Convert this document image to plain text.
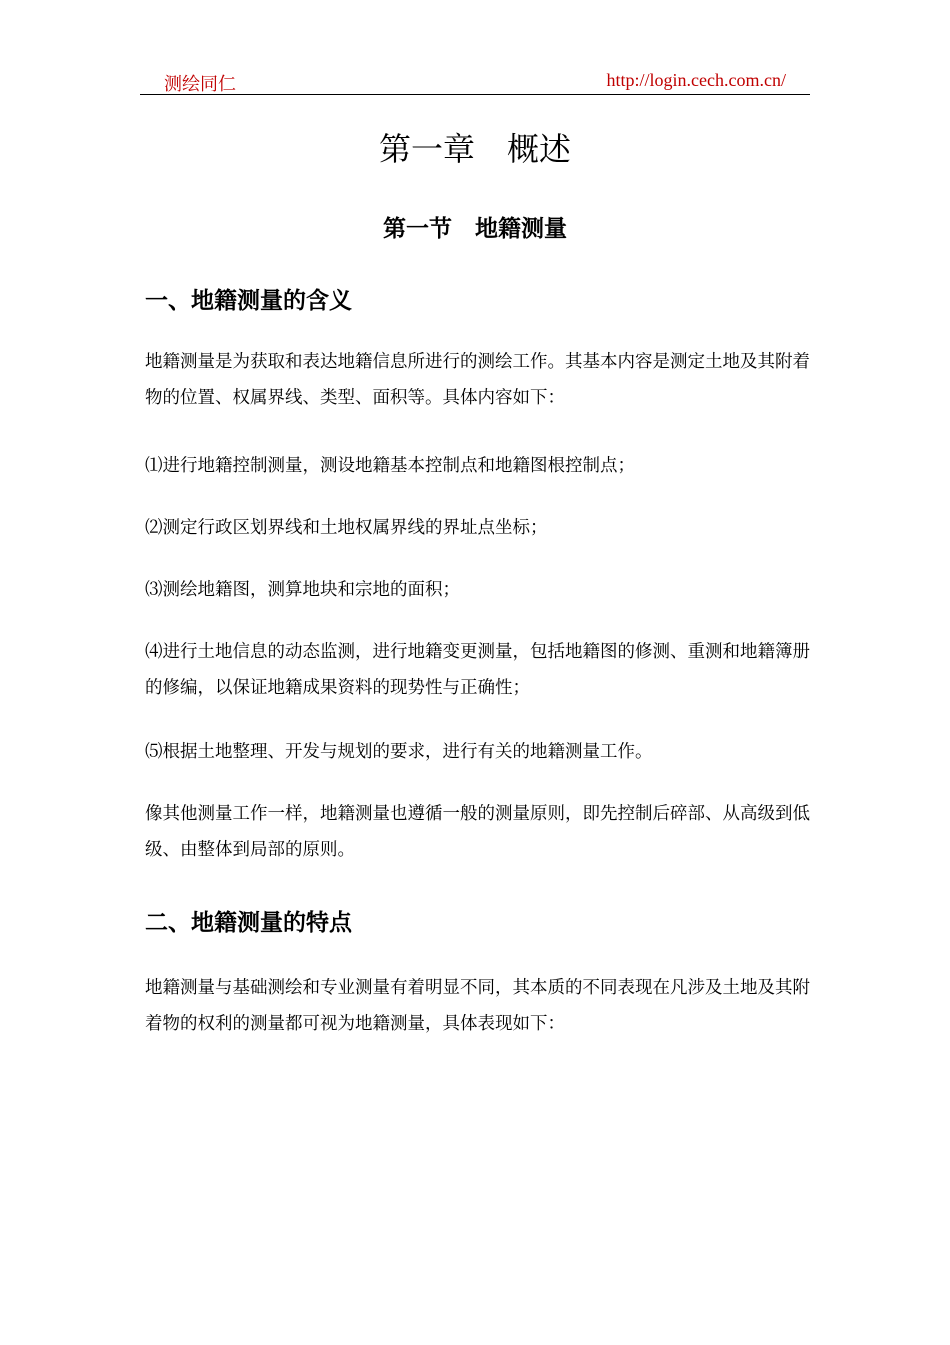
测绘同仁	http://login.cech.com.cn/
第一章　概述
第一节　地籍测量
一、地籍测量的含义

地籍测量是为获取和表达地籍信息所进行的测绘工作。其基本内容是测定土地及其附着物的位置、权属界线、类型、面积等。具体内容如下：

⑴进行地籍控制测量，测设地籍基本控制点和地籍图根控制点；

⑵测定行政区划界线和土地权属界线的界址点坐标；

⑶测绘地籍图，测算地块和宗地的面积；

⑷进行土地信息的动态监测，进行地籍变更测量，包括地籍图的修测、重测和地籍簿册的修编，以保证地籍成果资料的现势性与正确性；

⑸根据土地整理、开发与规划的要求，进行有关的地籍测量工作。

像其他测量工作一样，地籍测量也遵循一般的测量原则，即先控制后碎部、从高级到低级、由整体到局部的原则。

二、地籍测量的特点

地籍测量与基础测绘和专业测量有着明显不同，其本质的不同表现在凡涉及土地及其附着物的权利的测量都可视为地籍测量，具体表现如下：
